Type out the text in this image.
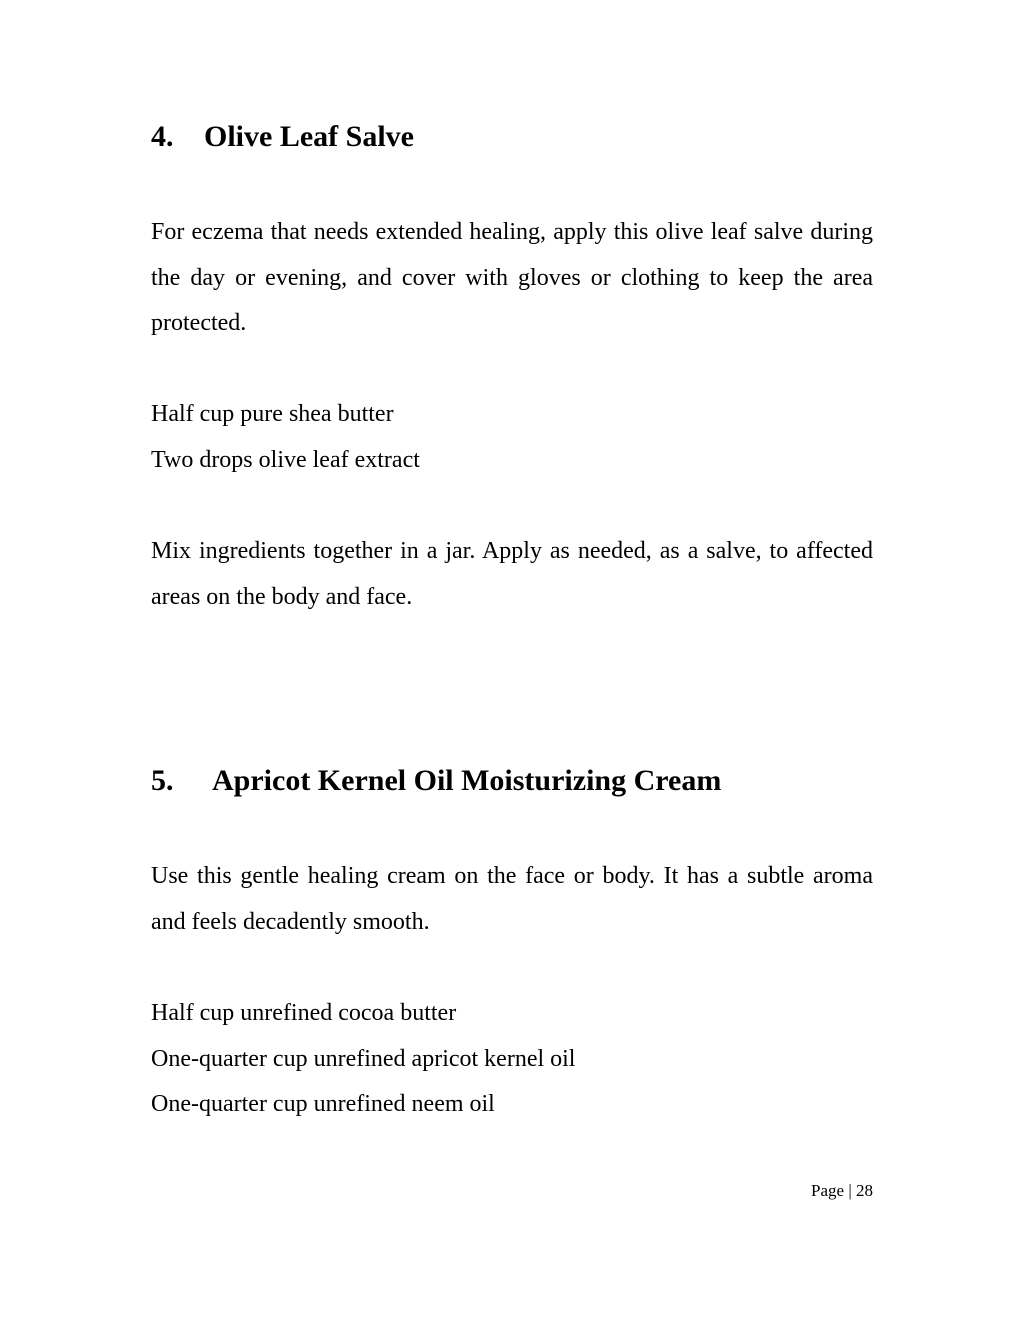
4. Olive Leaf Salve

For eczema that needs extended healing, apply this olive leaf salve during the day or evening, and cover with gloves or clothing to keep the area protected.

Half cup pure shea butter
Two drops olive leaf extract

Mix ingredients together in a jar. Apply as needed, as a salve, to affected areas on the body and face.

5. Apricot Kernel Oil Moisturizing Cream

Use this gentle healing cream on the face or body. It has a subtle aroma and feels decadently smooth.

Half cup unrefined cocoa butter
One-quarter cup unrefined apricot kernel oil
One-quarter cup unrefined neem oil
Page | 28
